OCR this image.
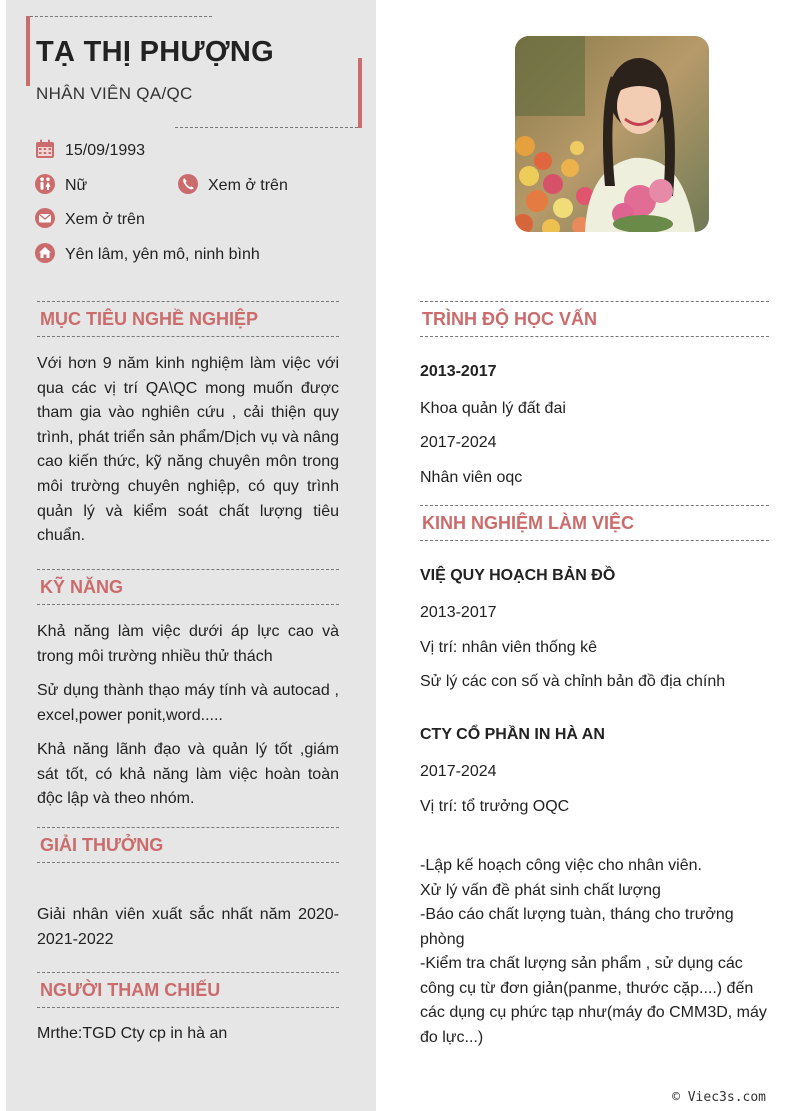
TẠ THỊ PHƯỢNG
NHÂN VIÊN QA/QC
15/09/1993
Nữ	Xem ở trên
Xem ở trên
Yên lâm, yên mô, ninh bình
MỤC TIÊU NGHỀ NGHIỆP
Với hơn 9 năm kinh nghiệm làm việc với qua các vị trí QA\QC mong muốn được tham gia vào nghiên cứu , cải thiện quy trình, phát triển sản phẩm/Dịch vụ và nâng cao kiến thức, kỹ năng chuyên môn trong môi trường chuyên nghiệp, có quy trình quản lý và kiểm soát chất lượng tiêu chuẩn.
KỸ NĂNG
Khả năng làm việc dưới áp lực cao và trong môi trường nhiều thử thách
Sử dụng thành thạo máy tính và autocad , excel,power ponit,word.....
Khả năng lãnh đạo và quản lý tốt ,giám sát tốt, có khả năng làm việc hoàn toàn độc lập và theo nhóm.
GIẢI THƯỞNG
Giải nhân viên xuất sắc nhất năm 2020-2021-2022
NGƯỜI THAM CHIẾU
Mrthe:TGD Cty cp in hà an
TRÌNH ĐỘ HỌC VẤN
2013-2017
Khoa quản lý đất đai
2017-2024
Nhân viên oqc
KINH NGHIỆM LÀM VIỆC
VIỆ QUY HOẠCH BẢN ĐỒ
2013-2017
Vị trí: nhân viên thống kê
Sử lý các con số và chỉnh bản đồ địa chính
CTY CỔ PHẦN IN HÀ AN
2017-2024
Vị trí: tổ trưởng OQC
-Lập kế hoạch công việc cho nhân viên.
Xử lý vấn đề phát sinh chất lượng
-Báo cáo chất lượng tuàn, tháng cho trưởng phòng
-Kiểm tra chất lượng sản phẩm , sử dụng các công cụ từ đơn giản(panme, thước cặp....) đến các dụng cụ phức tạp như(máy đo CMM3D, máy đo lực...)
© Viec3s.com
